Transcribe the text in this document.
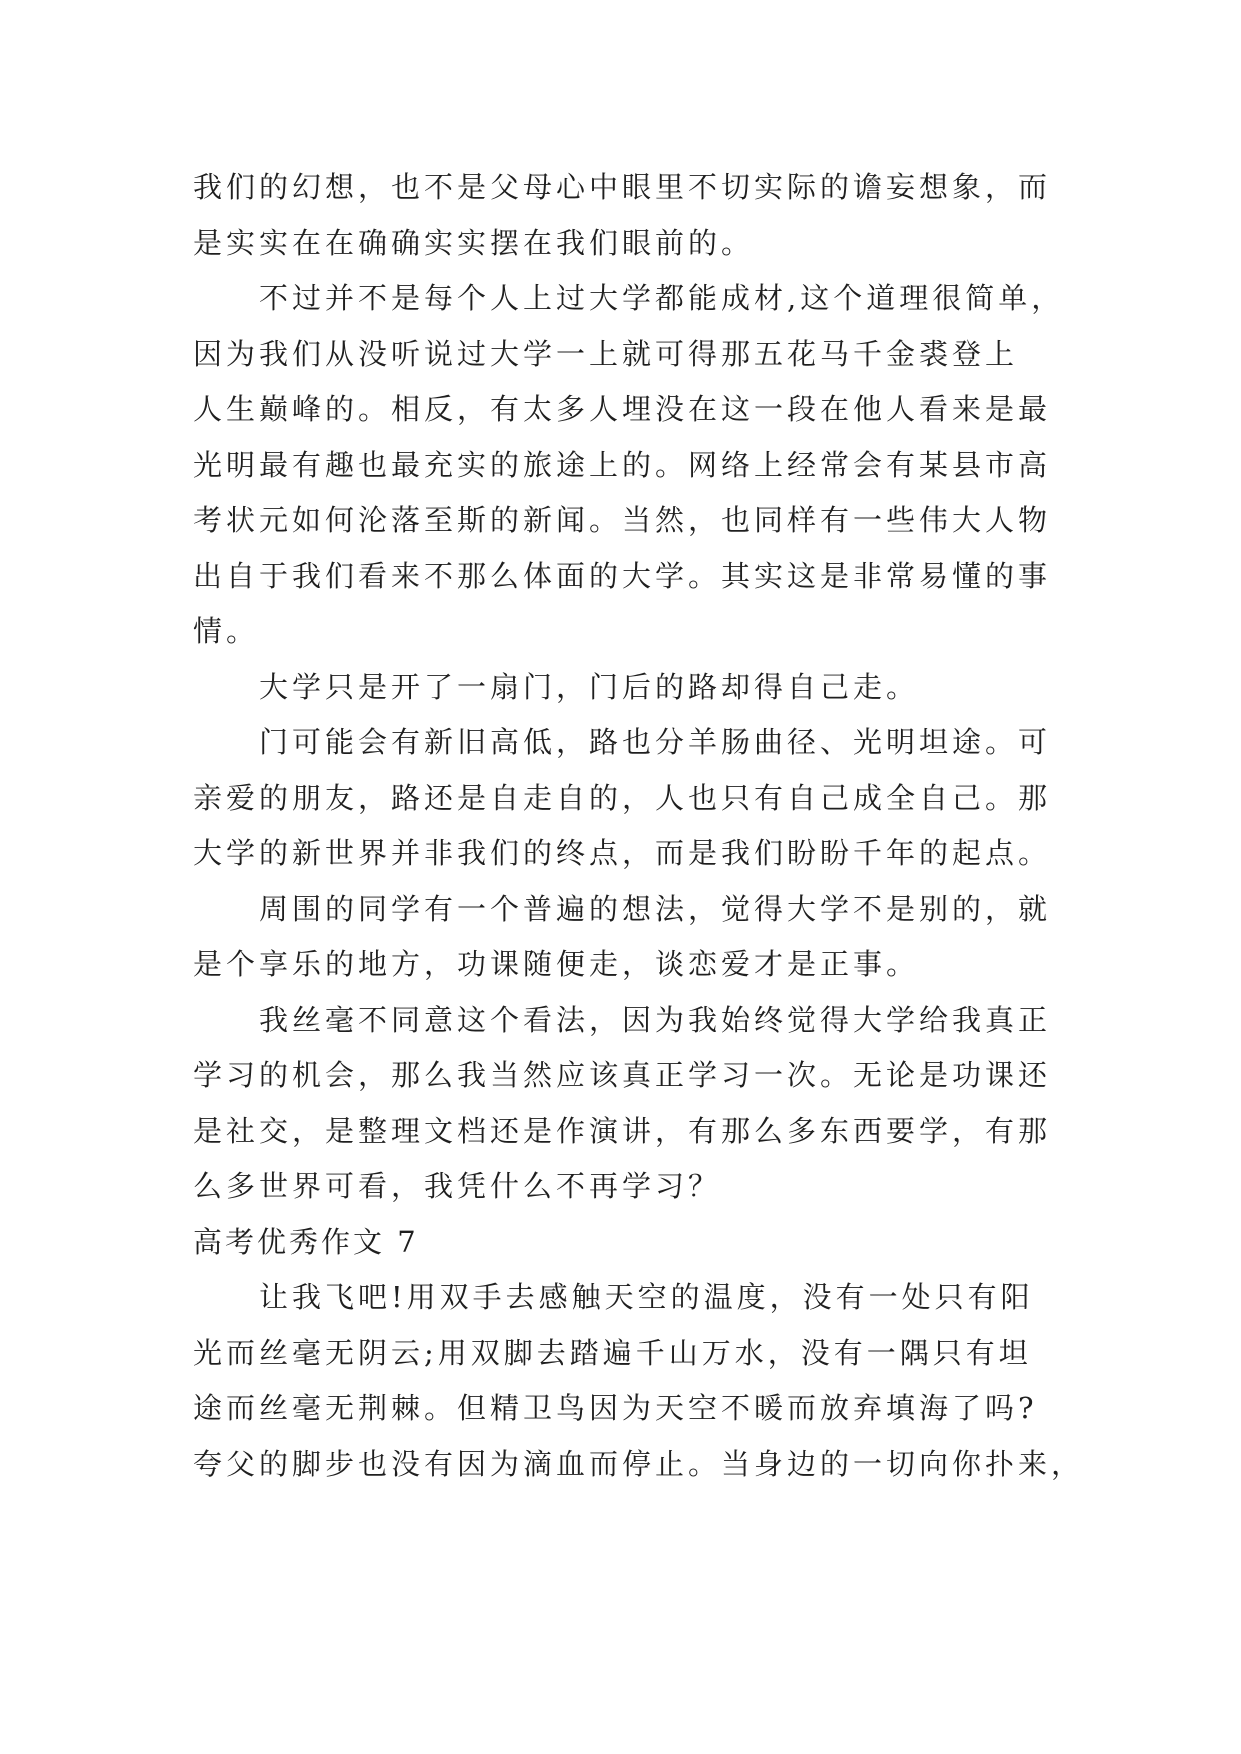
我们的幻想，也不是父母心中眼里不切实际的谵妄想象，而
是实实在在确确实实摆在我们眼前的。
不过并不是每个人上过大学都能成材,这个道理很简单，
因为我们从没听说过大学一上就可得那五花马千金裘登上
人生巅峰的。相反，有太多人埋没在这一段在他人看来是最
光明最有趣也最充实的旅途上的。网络上经常会有某县市高
考状元如何沦落至斯的新闻。当然，也同样有一些伟大人物
出自于我们看来不那么体面的大学。其实这是非常易懂的事
情。
大学只是开了一扇门，门后的路却得自己走。
门可能会有新旧高低，路也分羊肠曲径、光明坦途。可
亲爱的朋友，路还是自走自的，人也只有自己成全自己。那
大学的新世界并非我们的终点，而是我们盼盼千年的起点。
周围的同学有一个普遍的想法，觉得大学不是别的，就
是个享乐的地方，功课随便走，谈恋爱才是正事。
我丝毫不同意这个看法，因为我始终觉得大学给我真正
学习的机会，那么我当然应该真正学习一次。无论是功课还
是社交，是整理文档还是作演讲，有那么多东西要学，有那
么多世界可看，我凭什么不再学习？
高考优秀作文 7
让我飞吧!用双手去感触天空的温度，没有一处只有阳
光而丝毫无阴云;用双脚去踏遍千山万水，没有一隅只有坦
途而丝毫无荆棘。但精卫鸟因为天空不暖而放弃填海了吗?
夸父的脚步也没有因为滴血而停止。当身边的一切向你扑来，
